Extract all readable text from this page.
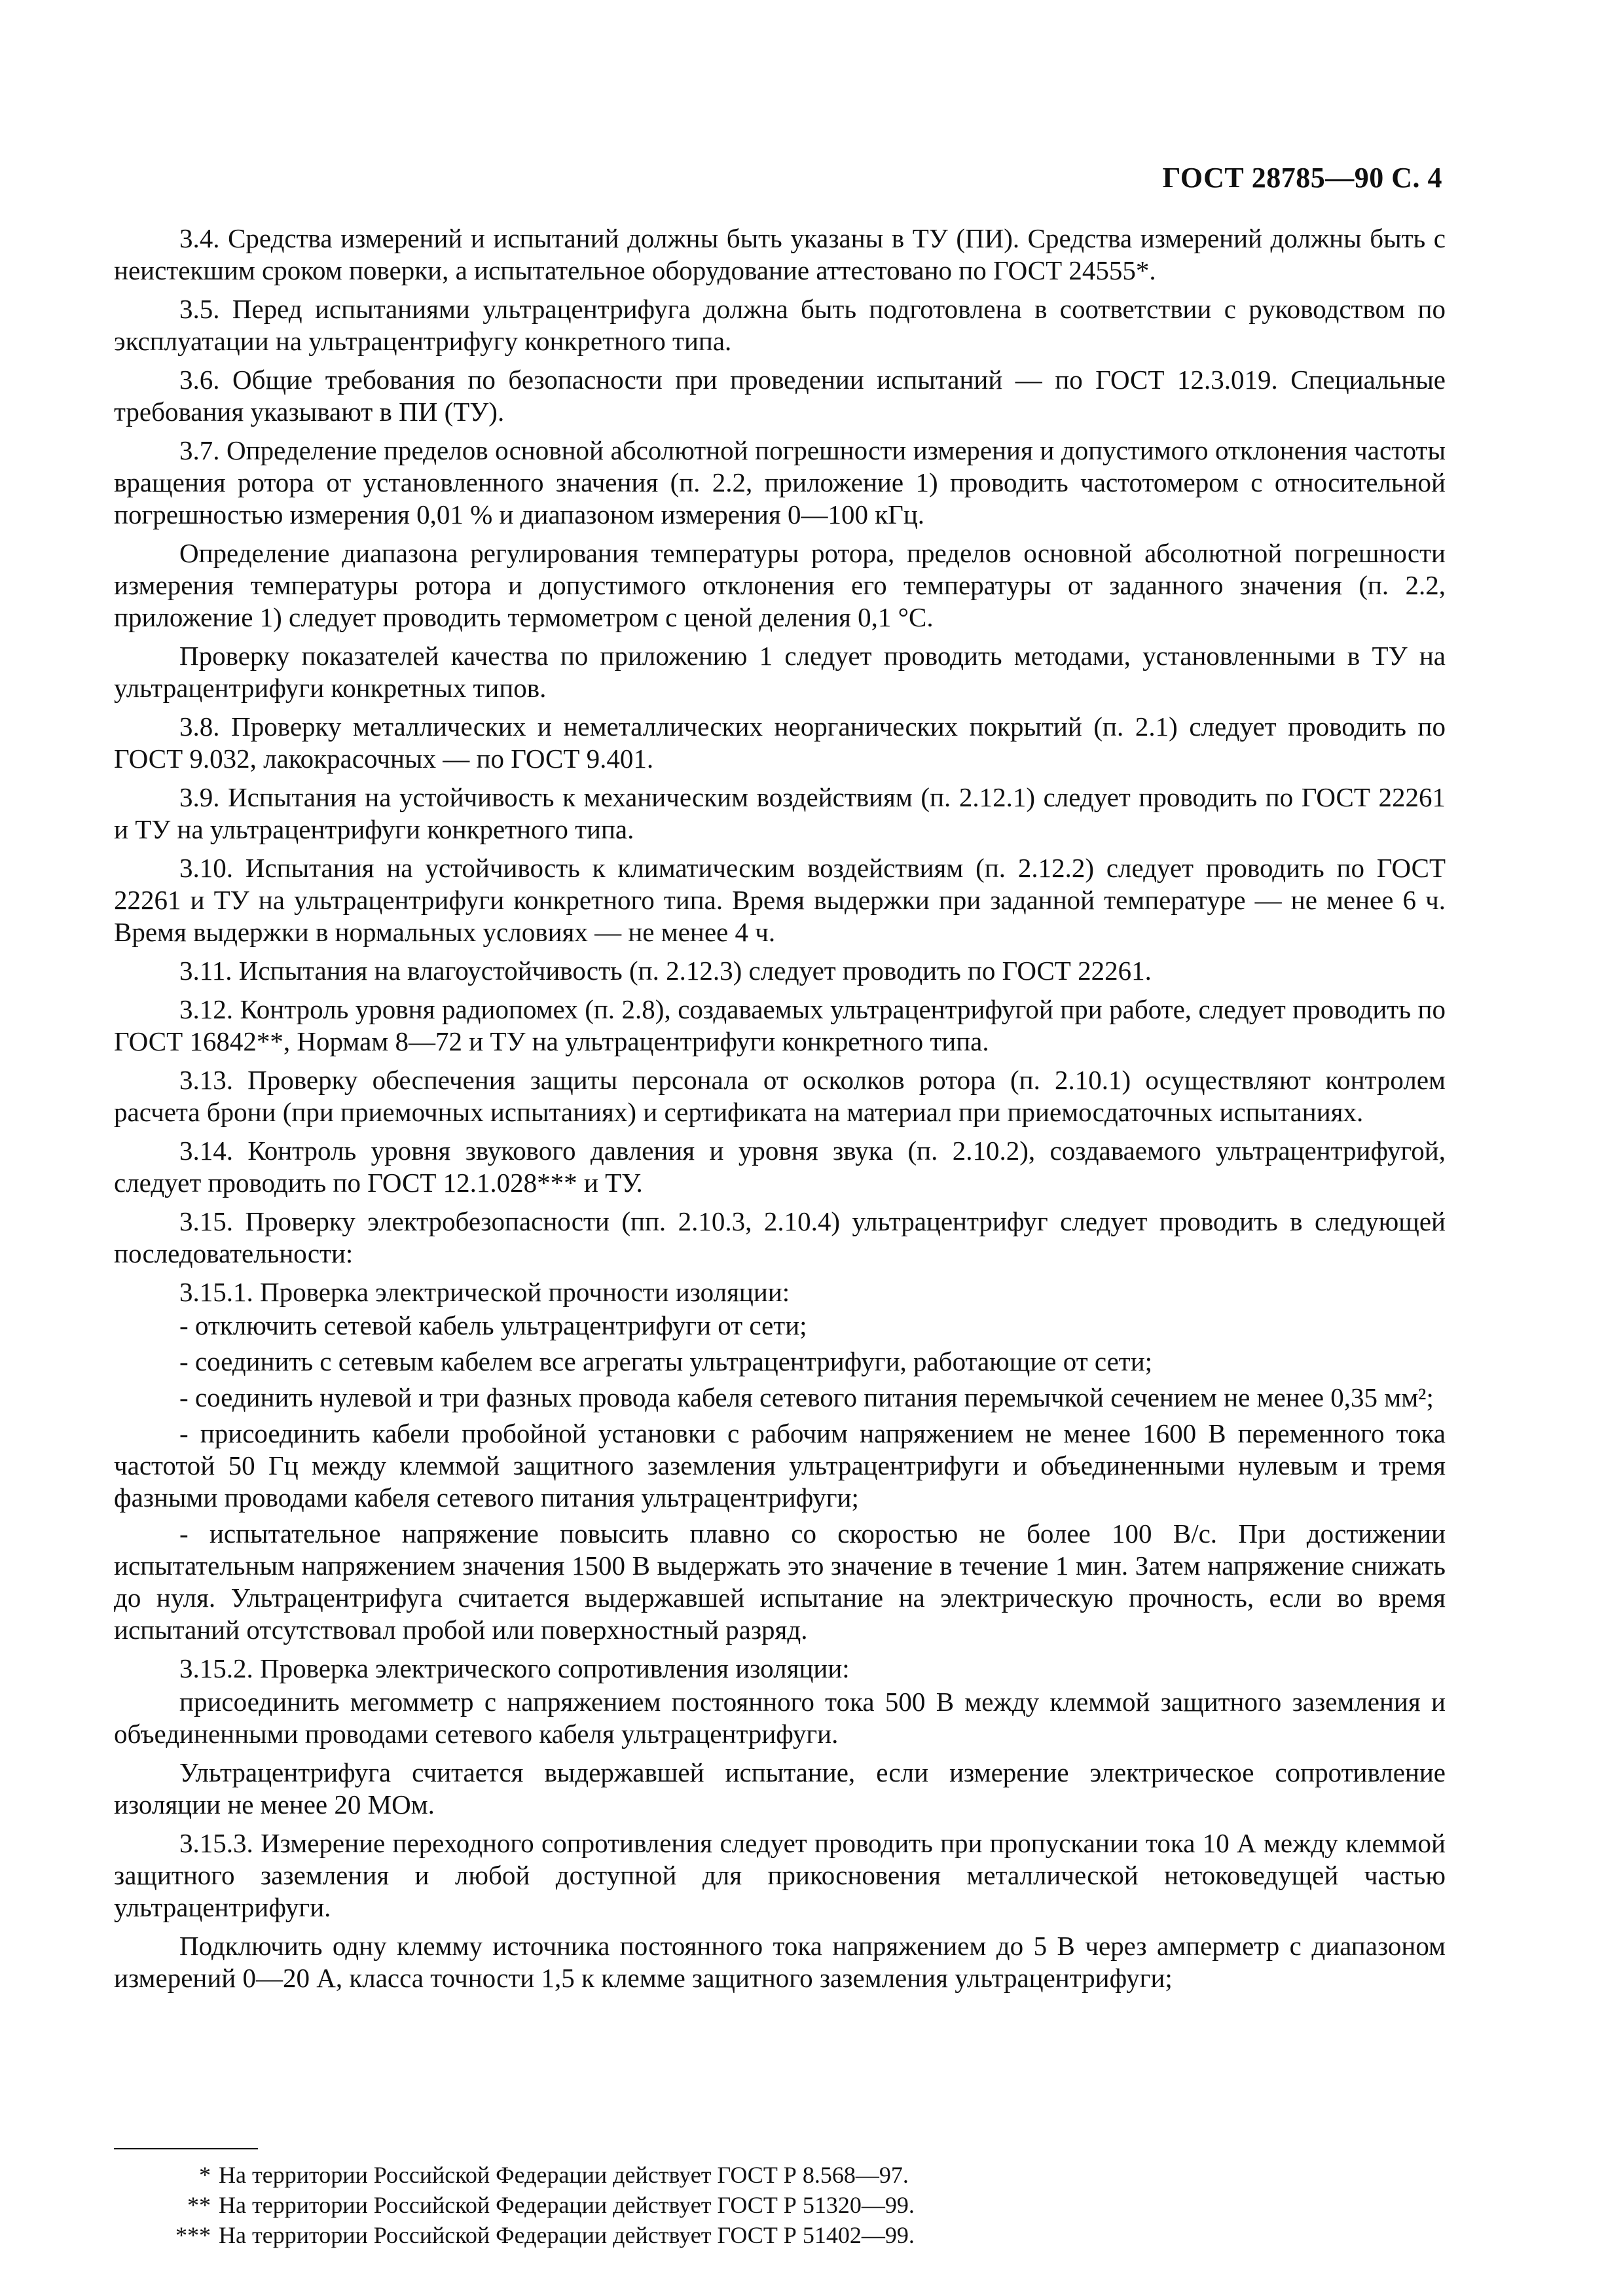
ГОСТ 28785—90 С. 4

3.4. Средства измерений и испытаний должны быть указаны в ТУ (ПИ). Средства измерений должны быть с неистекшим сроком поверки, а испытательное оборудование аттестовано по ГОСТ 24555*.

3.5. Перед испытаниями ультрацентрифуга должна быть подготовлена в соответствии с руководством по эксплуатации на ультрацентрифугу конкретного типа.

3.6. Общие требования по безопасности при проведении испытаний — по ГОСТ 12.3.019. Специальные требования указывают в ПИ (ТУ).

3.7. Определение пределов основной абсолютной погрешности измерения и допустимого отклонения частоты вращения ротора от установленного значения (п. 2.2, приложение 1) проводить частотомером с относительной погрешностью измерения 0,01 % и диапазоном измерения 0—100 кГц.

Определение диапазона регулирования температуры ротора, пределов основной абсолютной погрешности измерения температуры ротора и допустимого отклонения его температуры от заданного значения (п. 2.2, приложение 1) следует проводить термометром с ценой деления 0,1 °С.

Проверку показателей качества по приложению 1 следует проводить методами, установленными в ТУ на ультрацентрифуги конкретных типов.

3.8. Проверку металлических и неметаллических неорганических покрытий (п. 2.1) следует проводить по ГОСТ 9.032, лакокрасочных — по ГОСТ 9.401.

3.9. Испытания на устойчивость к механическим воздействиям (п. 2.12.1) следует проводить по ГОСТ 22261 и ТУ на ультрацентрифуги конкретного типа.

3.10. Испытания на устойчивость к климатическим воздействиям (п. 2.12.2) следует проводить по ГОСТ 22261 и ТУ на ультрацентрифуги конкретного типа. Время выдержки при заданной температуре — не менее 6 ч. Время выдержки в нормальных условиях — не менее 4 ч.

3.11. Испытания на влагоустойчивость (п. 2.12.3) следует проводить по ГОСТ 22261.

3.12. Контроль уровня радиопомех (п. 2.8), создаваемых ультрацентрифугой при работе, следует проводить по ГОСТ 16842**, Нормам 8—72 и ТУ на ультрацентрифуги конкретного типа.

3.13. Проверку обеспечения защиты персонала от осколков ротора (п. 2.10.1) осуществляют контролем расчета брони (при приемочных испытаниях) и сертификата на материал при приемосдаточных испытаниях.

3.14. Контроль уровня звукового давления и уровня звука (п. 2.10.2), создаваемого ультрацентрифугой, следует проводить по ГОСТ 12.1.028*** и ТУ.

3.15. Проверку электробезопасности (пп. 2.10.3, 2.10.4) ультрацентрифуг следует проводить в следующей последовательности:

3.15.1. Проверка электрической прочности изоляции:

- отключить сетевой кабель ультрацентрифуги от сети;

- соединить с сетевым кабелем все агрегаты ультрацентрифуги, работающие от сети;

- соединить нулевой и три фазных провода кабеля сетевого питания перемычкой сечением не менее 0,35 мм²;

- присоединить кабели пробойной установки с рабочим напряжением не менее 1600 В переменного тока частотой 50 Гц между клеммой защитного заземления ультрацентрифуги и объединенными нулевым и тремя фазными проводами кабеля сетевого питания ультрацентрифуги;

- испытательное напряжение повысить плавно со скоростью не более 100 В/с. При достижении испытательным напряжением значения 1500 В выдержать это значение в течение 1 мин. Затем напряжение снижать до нуля. Ультрацентрифуга считается выдержавшей испытание на электрическую прочность, если во время испытаний отсутствовал пробой или поверхностный разряд.

3.15.2. Проверка электрического сопротивления изоляции:

присоединить мегомметр с напряжением постоянного тока 500 В между клеммой защитного заземления и объединенными проводами сетевого кабеля ультрацентрифуги.

Ультрацентрифуга считается выдержавшей испытание, если измерение электрическое сопротивление изоляции не менее 20 МОм.

3.15.3. Измерение переходного сопротивления следует проводить при пропускании тока 10 А между клеммой защитного заземления и любой доступной для прикосновения металлической нетоковедущей частью ультрацентрифуги.

Подключить одну клемму источника постоянного тока напряжением до 5 В через амперметр с диапазоном измерений 0—20 А, класса точности 1,5 к клемме защитного заземления ультрацентрифуги;

* На территории Российской Федерации действует ГОСТ Р 8.568—97.
** На территории Российской Федерации действует ГОСТ Р 51320—99.
*** На территории Российской Федерации действует ГОСТ Р 51402—99.
